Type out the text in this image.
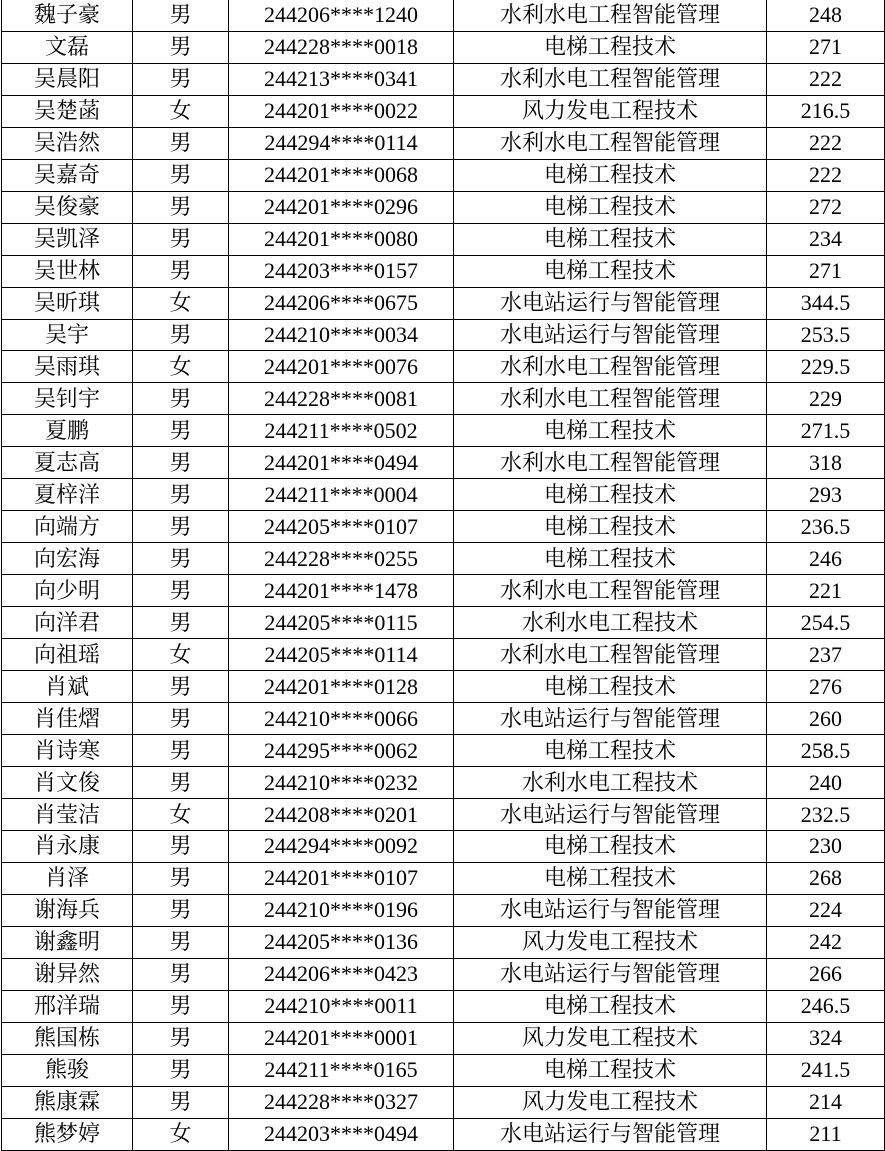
魏子豪	男	244206****1240	水利水电工程智能管理	248
文磊	男	244228****0018	电梯工程技术	271
吴晨阳	男	244213****0341	水利水电工程智能管理	222
吴楚菡	女	244201****0022	风力发电工程技术	216.5
吴浩然	男	244294****0114	水利水电工程智能管理	222
吴嘉奇	男	244201****0068	电梯工程技术	222
吴俊豪	男	244201****0296	电梯工程技术	272
吴凯泽	男	244201****0080	电梯工程技术	234
吴世林	男	244203****0157	电梯工程技术	271
吴昕琪	女	244206****0675	水电站运行与智能管理	344.5
吴宇	男	244210****0034	水电站运行与智能管理	253.5
吴雨琪	女	244201****0076	水利水电工程智能管理	229.5
吴钊宇	男	244228****0081	水利水电工程智能管理	229
夏鹏	男	244211****0502	电梯工程技术	271.5
夏志高	男	244201****0494	水利水电工程智能管理	318
夏梓洋	男	244211****0004	电梯工程技术	293
向端方	男	244205****0107	电梯工程技术	236.5
向宏海	男	244228****0255	电梯工程技术	246
向少明	男	244201****1478	水利水电工程智能管理	221
向洋君	男	244205****0115	水利水电工程技术	254.5
向祖瑶	女	244205****0114	水利水电工程智能管理	237
肖斌	男	244201****0128	电梯工程技术	276
肖佳熠	男	244210****0066	水电站运行与智能管理	260
肖诗寒	男	244295****0062	电梯工程技术	258.5
肖文俊	男	244210****0232	水利水电工程技术	240
肖莹洁	女	244208****0201	水电站运行与智能管理	232.5
肖永康	男	244294****0092	电梯工程技术	230
肖泽	男	244201****0107	电梯工程技术	268
谢海兵	男	244210****0196	水电站运行与智能管理	224
谢鑫明	男	244205****0136	风力发电工程技术	242
谢异然	男	244206****0423	水电站运行与智能管理	266
邢洋瑞	男	244210****0011	电梯工程技术	246.5
熊国栋	男	244201****0001	风力发电工程技术	324
熊骏	男	244211****0165	电梯工程技术	241.5
熊康霖	男	244228****0327	风力发电工程技术	214
熊梦婷	女	244203****0494	水电站运行与智能管理	211
